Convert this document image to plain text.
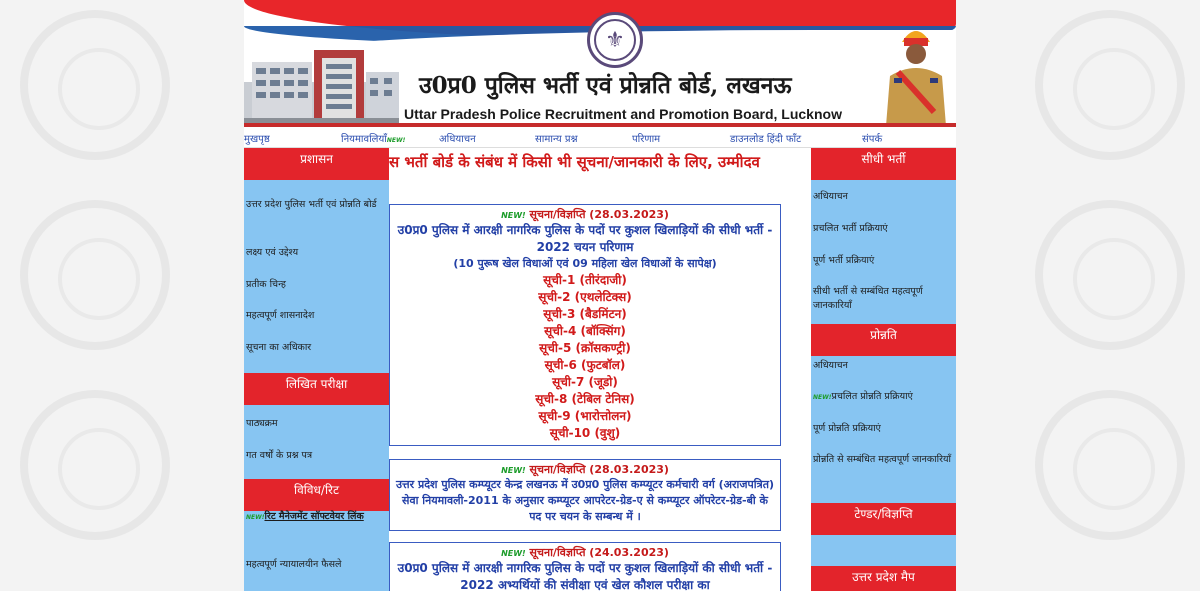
⚜
उ0प्र0 पुलिस भर्ती एवं प्रोन्नति बोर्ड, लखनऊ
Uttar Pradesh Police Recruitment and Promotion Board, Lucknow
मुखपृष्ठ	नियमावलियाँNEW!	अधियाचन	सामान्य प्रश्न	परिणाम	डाउनलोड हिंदी फॉंट	संपर्क
प्रशासन
उत्तर प्रदेश पुलिस भर्ती एवं प्रोन्नति बोर्ड
लक्ष्य एवं उद्देश्य
प्रतीक चिन्ह
महत्वपूर्ण शासनादेश
सूचना का अधिकार
लिखित परीक्षा
पाठ्यक्रम
गत वर्षों के प्रश्न पत्र
विविध/रिट
NEW!रिट मैनेजमेंट सॉफ्टवेयर लिंक
महत्वपूर्ण न्यायालयीन फैसले
स भर्ती बोर्ड के संबंध में किसी भी सूचना/जानकारी के लिए, उम्मीदव
NEW! सूचना/विज्ञप्ति (28.03.2023)
उ0प्र0 पुलिस में आरक्षी नागरिक पुलिस के पदों पर कुशल खिलाड़ियों की सीधी भर्ती - 2022 चयन परिणाम
(10 पुरूष खेल विधाओं एवं 09 महिला खेल विधाओं के सापेक्ष)
सूची-1 (तीरंदाजी)
सूची-2 (एथलेटिक्स)
सूची-3 (बैडमिंटन)
सूची-4 (बॉक्सिंग)
सूची-5 (क्रॉसकण्ट्री)
सूची-6 (फुटबॉल)
सूची-7 (जूडो)
सूची-8 (टेबिल टेनिस)
सूची-9 (भारोत्तोलन)
सूची-10 (वुशु)
NEW! सूचना/विज्ञप्ति (28.03.2023)
उत्तर प्रदेश पुलिस कम्प्यूटर केन्द्र लखनऊ में उ0प्र0 पुलिस कम्प्यूटर कर्मचारी वर्ग (अराजपत्रित) सेवा नियमावली-2011 के अनुसार कम्प्यूटर आपरेटर-ग्रेड-ए से कम्प्यूटर ऑपरेटर-ग्रेड-बी के पद पर चयन के सम्बन्ध में ।
NEW! सूचना/विज्ञप्ति (24.03.2023)
उ0प्र0 पुलिस में आरक्षी नागरिक पुलिस के पदों पर कुशल खिलाड़ियों की सीधी भर्ती - 2022 अभ्यर्थियों की संवीक्षा एवं खेल कौशल परीक्षा का
सीधी भर्ती
अधियाचन
प्रचलित भर्ती प्रक्रियाएं
पूर्ण भर्ती प्रक्रियाएं
सीधी भर्ती से सम्बंधित महत्वपूर्ण जानकारियाँ
प्रोन्नति
अधियाचन
NEW!प्रचलित प्रोन्नति प्रक्रियाएं
पूर्ण प्रोन्नति प्रक्रियाएं
प्रोन्नति से सम्बंधित महत्वपूर्ण जानकारियाँ
टेण्डर/विज्ञप्ति
उत्तर प्रदेश मैप
